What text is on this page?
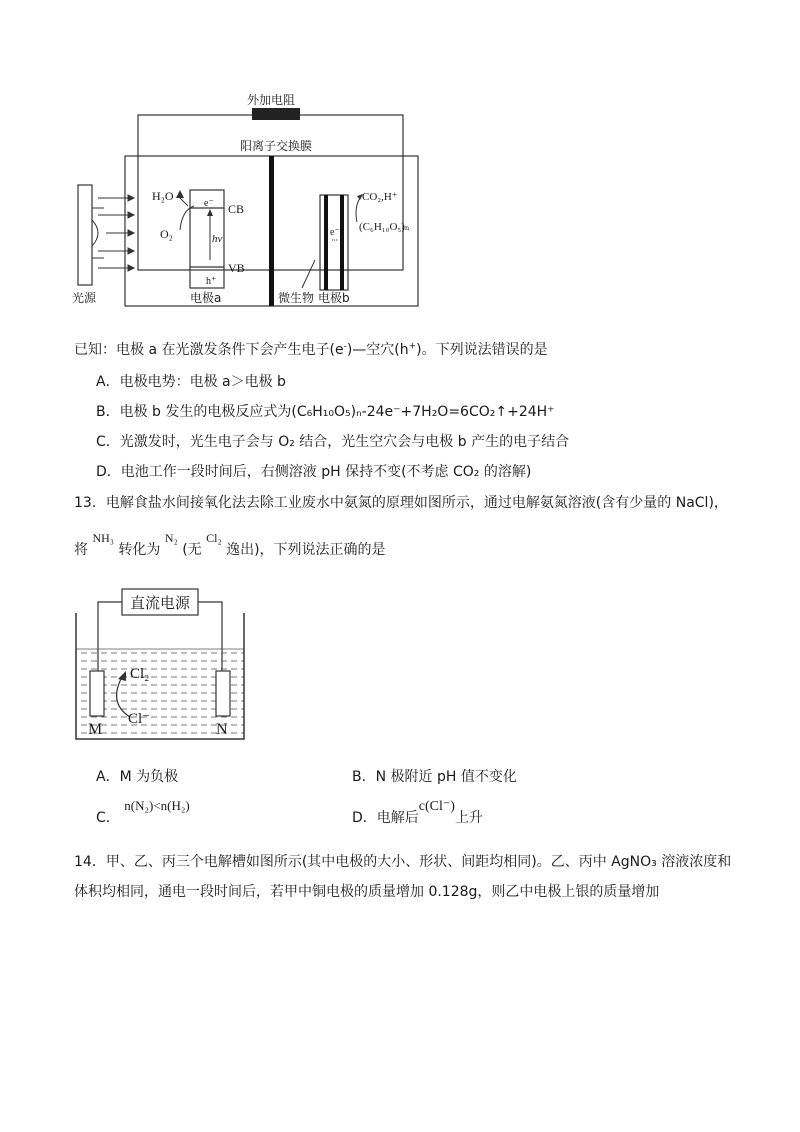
外加电阻
阳离子交换膜
光源
e⁻
h⁺
hv
CB
VB
H₂O
O₂
电极a
e⁻
CO₂,H⁺
(C₆H₁₀O₅)ₙ
微生物 电极b
已知：电极 a 在光激发条件下会产生电子(e-)—空穴(h+)。下列说法错误的是
A．电极电势：电极 a＞电极 b
B．电极 b 发生的电极反应式为(C₆H₁₀O₅)ₙ-24e⁻+7H₂O=6CO₂↑+24H⁺
C．光激发时，光生电子会与 O₂ 结合，光生空穴会与电极 b 产生的电子结合
D．电池工作一段时间后，右侧溶液 pH 保持不变(不考虑 CO₂ 的溶解)
13．电解食盐水间接氧化法去除工业废水中氨氮的原理如图所示，通过电解氨氮溶液(含有少量的 NaCl)，
将 NH₃ 转化为 N₂ (无 Cl₂ 逸出)，下列说法正确的是
直流电源
Cl₂
Cl⁻
M	N
A．M 为负极	B．N 极附近 pH 值不变化
C． n(N₂)<n(H₂)
D．电解后c(Cl⁻)上升
14．甲、乙、丙三个电解槽如图所示(其中电极的大小、形状、间距均相同)。乙、丙中 AgNO₃ 溶液浓度和
体积均相同，通电一段时间后，若甲中铜电极的质量增加 0.128g，则乙中电极上银的质量增加
